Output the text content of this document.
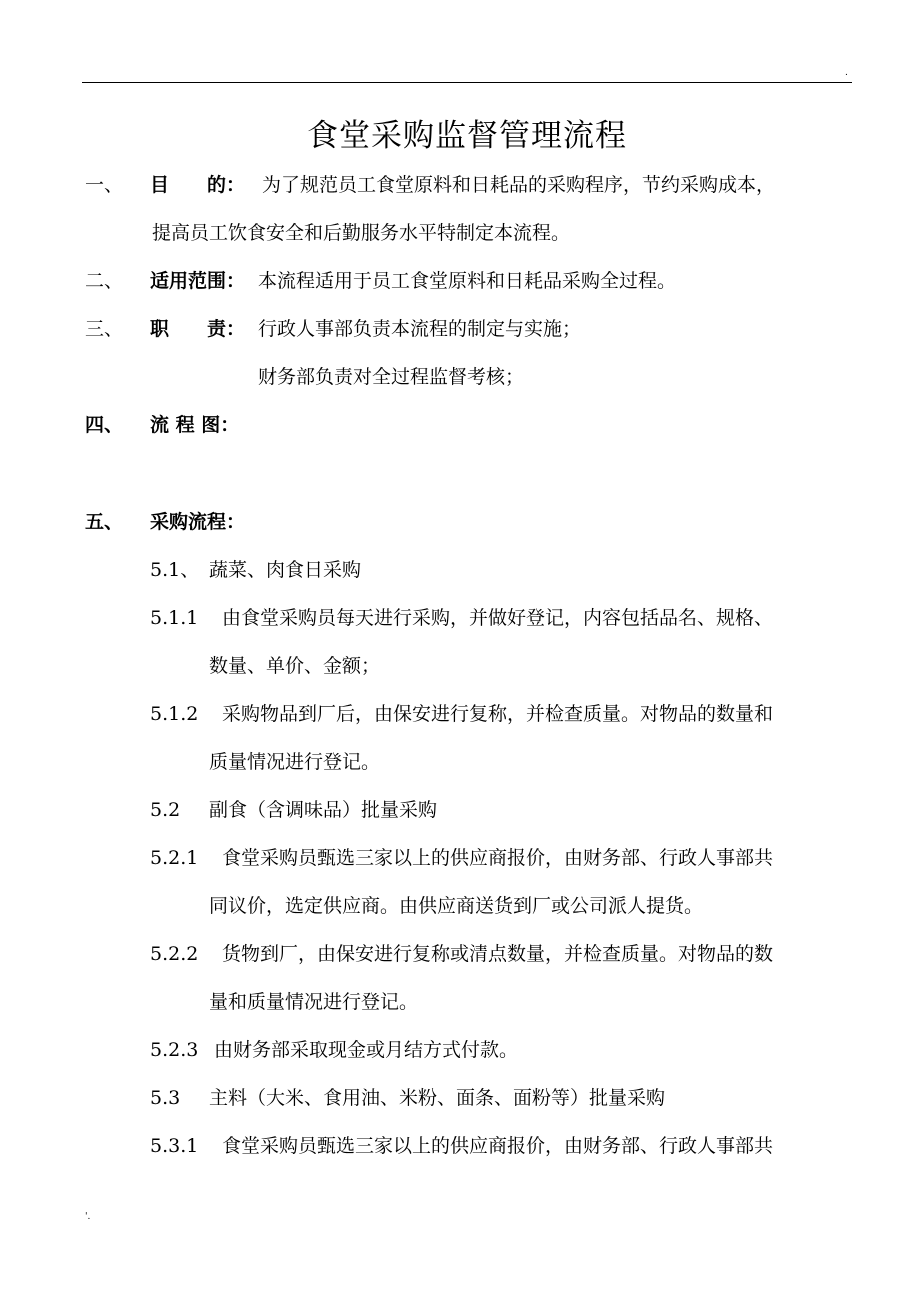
.
食堂采购监督管理流程
一、 目　　的： 为了规范员工食堂原料和日耗品的采购程序，节约采购成本，
提高员工饮食安全和后勤服务水平特制定本流程。
二、 适用范围： 本流程适用于员工食堂原料和日耗品采购全过程。
三、 职　　责： 行政人事部负责本流程的制定与实施；
财务部负责对全过程监督考核；
四、 流 程 图：
五、 采购流程：
5.1、 蔬菜、肉食日采购
5.1.1 由食堂采购员每天进行采购，并做好登记，内容包括品名、规格、
数量、单价、金额；
5.1.2 采购物品到厂后，由保安进行复称，并检查质量。对物品的数量和
质量情况进行登记。
5.2 副食（含调味品）批量采购
5.2.1 食堂采购员甄选三家以上的供应商报价，由财务部、行政人事部共
同议价，选定供应商。由供应商送货到厂或公司派人提货。
5.2.2 货物到厂，由保安进行复称或清点数量，并检查质量。对物品的数
量和质量情况进行登记。
5.2.3 由财务部采取现金或月结方式付款。
5.3 主料（大米、食用油、米粉、面条、面粉等）批量采购
5.3.1 食堂采购员甄选三家以上的供应商报价，由财务部、行政人事部共
'.
